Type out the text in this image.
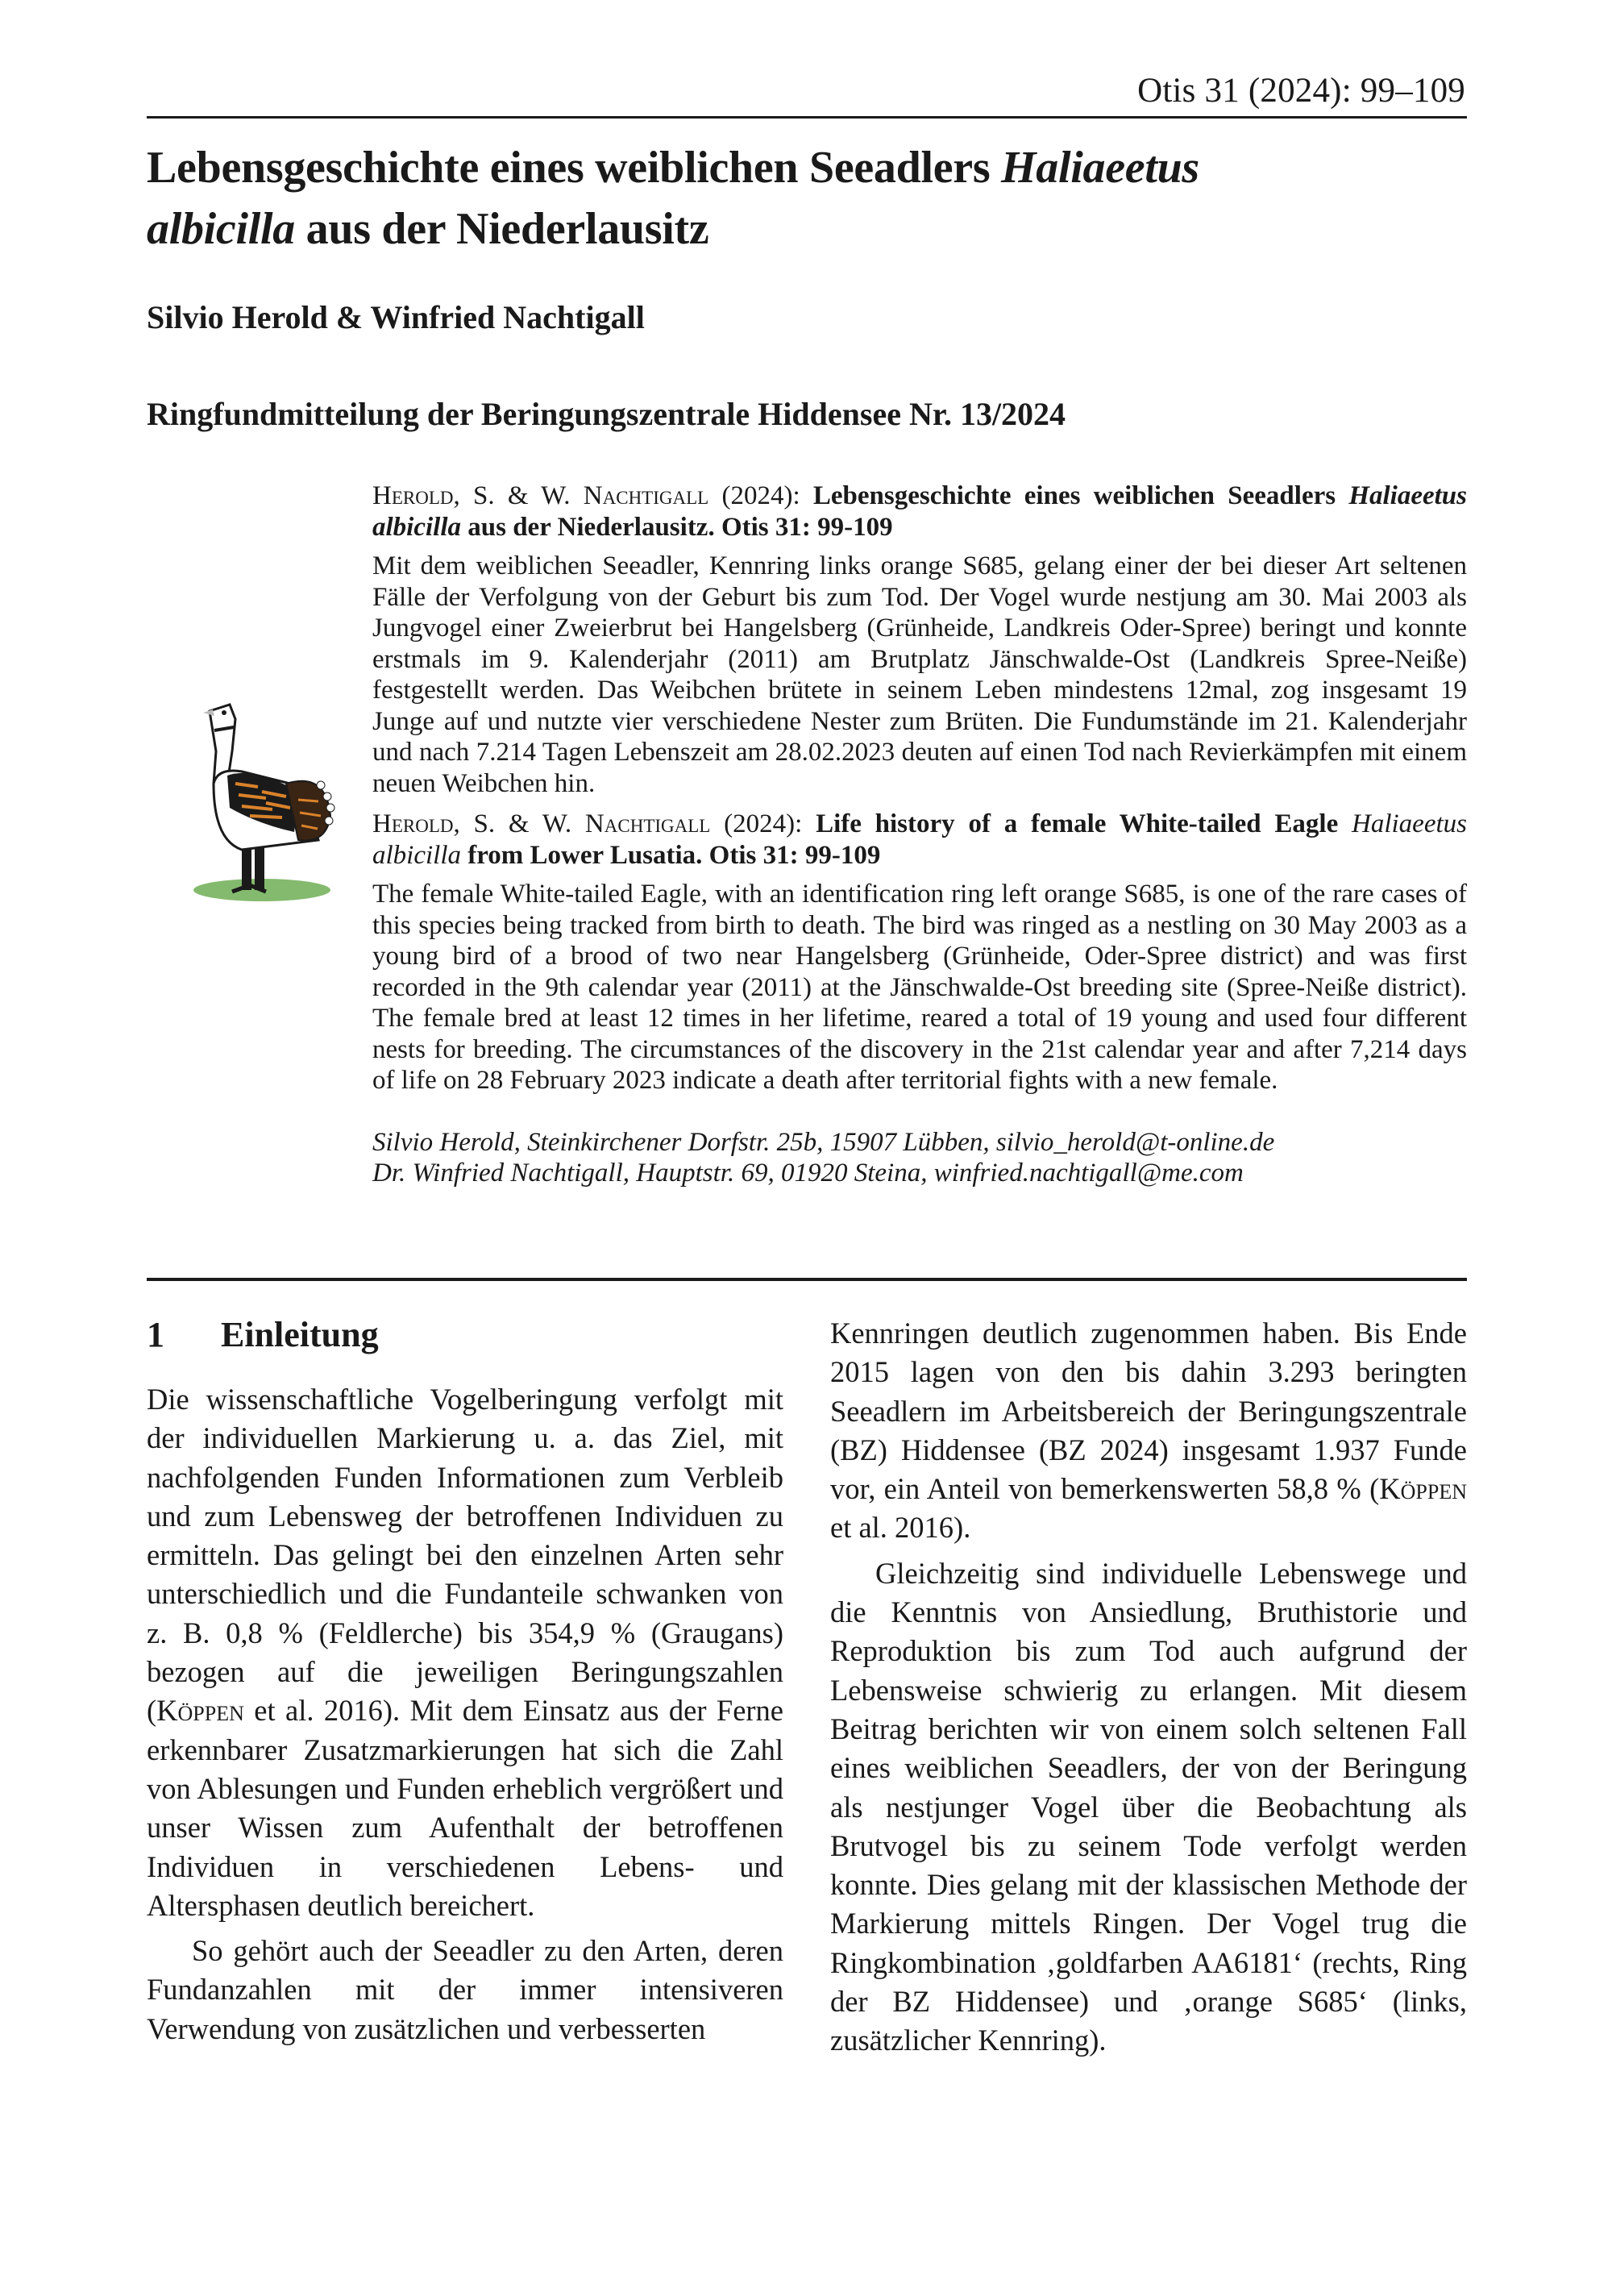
Otis 31 (2024): 99–109
Lebensgeschichte eines weiblichen Seeadlers Haliaeetus
albicilla aus der Niederlausitz
Silvio Herold & Winfried Nachtigall
Ringfundmitteilung der Beringungszentrale Hiddensee Nr. 13/2024

Herold, S. & W. Nachtigall (2024): Lebensgeschichte eines weiblichen Seeadlers Haliaeetus albicilla aus der Niederlausitz. Otis 31: 99-109

Mit dem weiblichen Seeadler, Kennring links orange S685, gelang einer der bei dieser Art seltenen Fälle der Verfolgung von der Geburt bis zum Tod. Der Vogel wurde nestjung am 30. Mai 2003 als Jungvogel einer Zweierbrut bei Hangelsberg (Grünheide, Landkreis Oder-Spree) beringt und konnte erstmals im 9. Kalenderjahr (2011) am Brutplatz Jänschwalde-Ost (Landkreis Spree-Neiße) festgestellt werden. Das Weibchen brütete in seinem Leben mindestens 12mal, zog insgesamt 19 Junge auf und nutzte vier verschiedene Nester zum Brüten. Die Fundumstände im 21. Kalenderjahr und nach 7.214 Tagen Lebenszeit am 28.02.2023 deuten auf einen Tod nach Revierkämpfen mit einem neuen Weibchen hin.

Herold, S. & W. Nachtigall (2024): Life history of a female White-tailed Eagle Haliaeetus albicilla from Lower Lusatia. Otis 31: 99-109

The female White-tailed Eagle, with an identification ring left orange S685, is one of the rare cases of this species being tracked from birth to death. The bird was ringed as a nestling on 30 May 2003 as a young bird of a brood of two near Hangelsberg (Grünheide, Oder-Spree district) and was first recorded in the 9th calendar year (2011) at the Jänschwalde-Ost breeding site (Spree-Neiße district). The female bred at least 12 times in her lifetime, reared a total of 19 young and used four different nests for breeding. The circumstances of the discovery in the 21st calendar year and after 7,214 days of life on 28 February 2023 indicate a death after territorial fights with a new female.

Silvio Herold, Steinkirchener Dorfstr. 25b, 15907 Lübben, silvio_herold@t-online.de
Dr. Winfried Nachtigall, Hauptstr. 69, 01920 Steina, winfried.nachtigall@me.com

1 Einleitung

Die wissenschaftliche Vogelberingung verfolgt mit der individuellen Markierung u. a. das Ziel, mit nachfolgenden Funden Informationen zum Verbleib und zum Lebensweg der betroffenen Individuen zu ermitteln. Das gelingt bei den einzelnen Arten sehr unterschiedlich und die Fundanteile schwanken von z. B. 0,8 % (Feldlerche) bis 354,9 % (Graugans) bezogen auf die jeweiligen Beringungszahlen (Köppen et al. 2016). Mit dem Einsatz aus der Ferne erkennbarer Zusatzmarkierungen hat sich die Zahl von Ablesungen und Funden erheblich vergrößert und unser Wissen zum Aufenthalt der betroffenen Individuen in verschiedenen Lebens- und Altersphasen deutlich bereichert.

So gehört auch der Seeadler zu den Arten, deren Fundanzahlen mit der immer intensiveren Verwendung von zusätzlichen und verbesserten

Kennringen deutlich zugenommen haben. Bis Ende 2015 lagen von den bis dahin 3.293 beringten Seeadlern im Arbeitsbereich der Beringungszentrale (BZ) Hiddensee (BZ 2024) insgesamt 1.937 Funde vor, ein Anteil von bemerkenswerten 58,8 % (Köppen et al. 2016).

Gleichzeitig sind individuelle Lebenswege und die Kenntnis von Ansiedlung, Bruthistorie und Reproduktion bis zum Tod auch aufgrund der Lebensweise schwierig zu erlangen. Mit diesem Beitrag berichten wir von einem solch seltenen Fall eines weiblichen Seeadlers, der von der Beringung als nestjunger Vogel über die Beobachtung als Brutvogel bis zu seinem Tode verfolgt werden konnte. Dies gelang mit der klassischen Methode der Markierung mittels Ringen. Der Vogel trug die Ringkombination ‚goldfarben AA6181‘ (rechts, Ring der BZ Hiddensee) und ‚orange S685‘ (links, zusätzlicher Kennring).
